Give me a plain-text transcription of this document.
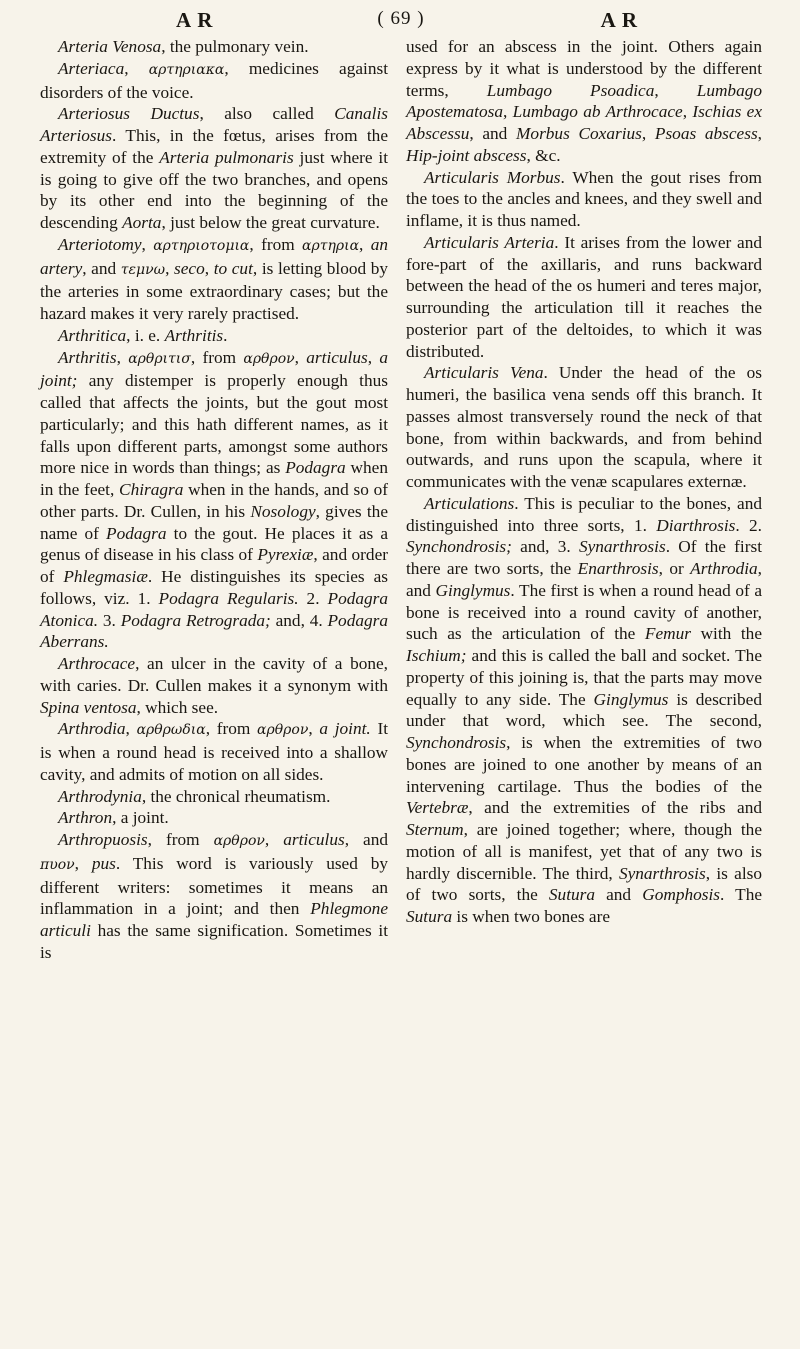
A R	( 69 )	A R

Arteria Venosa, the pulmonary vein.

Arteriaca, αρτηριακα, medicines against disorders of the voice.

Arteriosus Ductus, also called Canalis Arteriosus. This, in the fœtus, arises from the extremity of the Arteria pulmonaris just where it is going to give off the two branches, and opens by its other end into the beginning of the descending Aorta, just below the great curvature.

Arteriotomy, αρτηριοτομια, from αρτηρια, an artery, and τεμνω, seco, to cut, is letting blood by the arteries in some extraordinary cases; but the hazard makes it very rarely practised.

Arthritica, i. e. Arthritis.

Arthritis, αρθριτισ, from αρθρον, articulus, a joint; any distemper is properly enough thus called that affects the joints, but the gout most particularly; and this hath different names, as it falls upon different parts, amongst some authors more nice in words than things; as Podagra when in the feet, Chiragra when in the hands, and so of other parts. Dr. Cullen, in his Nosology, gives the name of Podagra to the gout. He places it as a genus of disease in his class of Pyrexiæ, and order of Phlegmasiæ. He distinguishes its species as follows, viz. 1. Podagra Regularis. 2. Podagra Atonica. 3. Podagra Retrograda; and, 4. Podagra Aberrans.

Arthrocace, an ulcer in the cavity of a bone, with caries. Dr. Cullen makes it a synonym with Spina ventosa, which see.

Arthrodia, αρθρωδια, from αρθρον, a joint. It is when a round head is received into a shallow cavity, and admits of motion on all sides.

Arthrodynia, the chronical rheumatism.

Arthron, a joint.

Arthropuosis, from αρθρον, articulus, and πυον, pus. This word is variously used by different writers: sometimes it means an inflammation in a joint; and then Phlegmone articuli has the same signification. Sometimes it is

used for an abscess in the joint. Others again express by it what is understood by the different terms, Lumbago Psoadica, Lumbago Apostematosa, Lumbago ab Arthrocace, Ischias ex Abscessu, and Morbus Coxarius, Psoas abscess, Hip-joint abscess, &c.

Articularis Morbus. When the gout rises from the toes to the ancles and knees, and they swell and inflame, it is thus named.

Articularis Arteria. It arises from the lower and fore-part of the axillaris, and runs backward between the head of the os humeri and teres major, surrounding the articulation till it reaches the posterior part of the deltoides, to which it was distributed.

Articularis Vena. Under the head of the os humeri, the basilica vena sends off this branch. It passes almost transversely round the neck of that bone, from within backwards, and from behind outwards, and runs upon the scapula, where it communicates with the venæ scapulares externæ.

Articulations. This is peculiar to the bones, and distinguished into three sorts, 1. Diarthrosis. 2. Synchondrosis; and, 3. Synarthrosis. Of the first there are two sorts, the Enarthrosis, or Arthrodia, and Ginglymus. The first is when a round head of a bone is received into a round cavity of another, such as the articulation of the Femur with the Ischium; and this is called the ball and socket. The property of this joining is, that the parts may move equally to any side. The Ginglymus is described under that word, which see. The second, Synchondrosis, is when the extremities of two bones are joined to one another by means of an intervening cartilage. Thus the bodies of the Vertebræ, and the extremities of the ribs and Sternum, are joined together; where, though the motion of all is manifest, yet that of any two is hardly discernible. The third, Synarthrosis, is also of two sorts, the Sutura and Gomphosis. The Sutura is when two bones are
